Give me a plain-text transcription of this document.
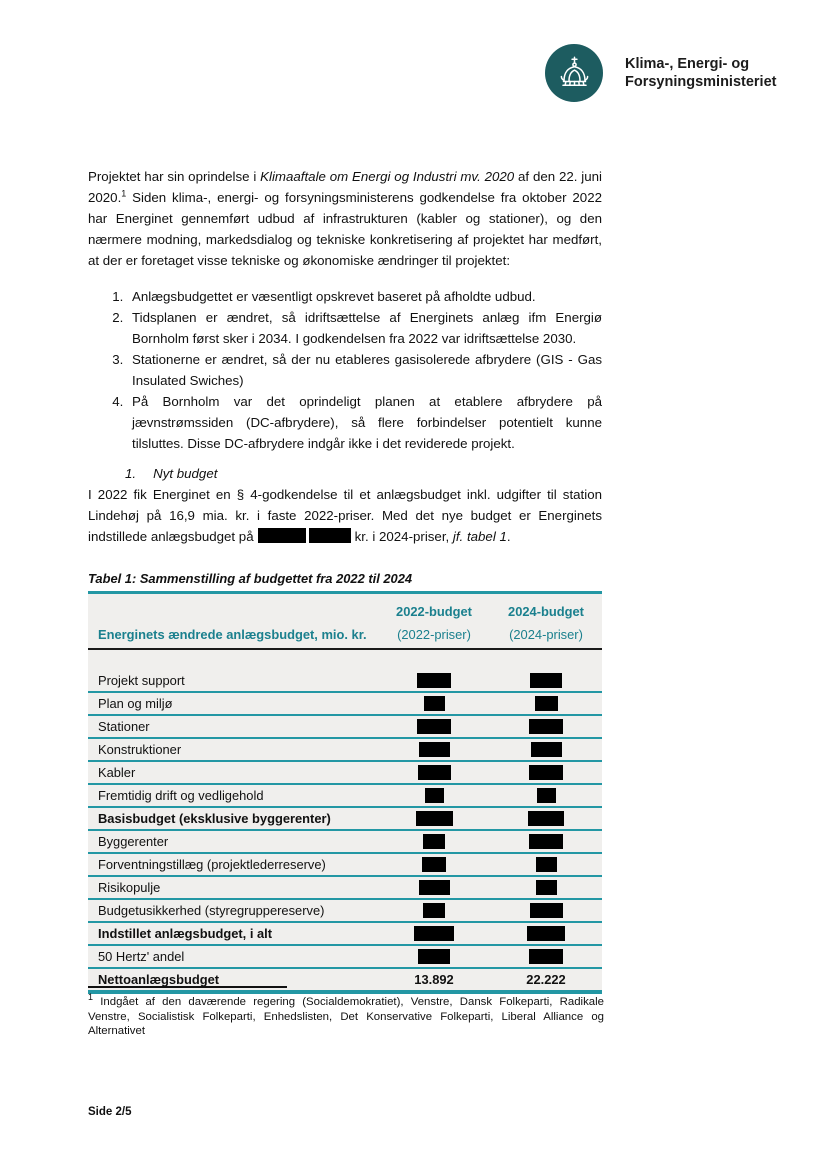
Klima-, Energi- og
Forsyningsministeriet

Projektet har sin oprindelse i Klimaaftale om Energi og Industri mv. 2020 af den 22. juni 2020.$^1$ Siden klima-, energi- og forsyningsministerens godkendelse fra oktober 2022 har Energinet gennemført udbud af infrastrukturen (kabler og stationer), og den nærmere modning, markedsdialog og tekniske konkretisering af projektet har medført, at der er foretaget visse tekniske og økonomiske ændringer til projektet:

1. Anlægsbudgettet er væsentligt opskrevet baseret på afholdte udbud.
2. Tidsplanen er ændret, så idriftsættelse af Energinets anlæg ifm Energiø Bornholm først sker i 2034. I godkendelsen fra 2022 var idriftsættelse 2030.
3. Stationerne er ændret, så der nu etableres gasisolerede afbrydere (GIS - Gas Insulated Swiches)
4. På Bornholm var det oprindeligt planen at etablere afbrydere på jævnstrømssiden (DC-afbrydere), så flere forbindelser potentielt kunne tilsluttes. Disse DC-afbrydere indgår ikke i det reviderede projekt.
1. Nyt budget

I 2022 fik Energinet en § 4-godkendelse til et anlægsbudget inkl. udgifter til station Lindehøj på 16,9 mia. kr. i faste 2022-priser. Med det nye budget er Energinets indstillede anlægsbudget på	kr. i 2024-priser, jf. tabel 1.

Tabel 1: Sammenstilling af budgettet fra 2022 til 2024
Energinets ændrede anlægsbudget, mio. kr.
2022-budget
(2022-priser)
2024-budget
(2024-priser)
Projekt support
Plan og miljø
Stationer
Konstruktioner
Kabler
Fremtidig drift og vedligehold
Basisbudget (eksklusive byggerenter)
Byggerenter
Forventningstillæg (projektlederreserve)
Risikopulje
Budgetusikkerhed (styregruppereserve)
Indstillet anlægsbudget, i alt
50 Hertz' andel
Nettoanlægsbudget	13.892	22.222

$^1$ Indgået af den daværende regering (Socialdemokratiet), Venstre, Dansk Folkeparti, Radikale Venstre, Socialistisk Folkeparti, Enhedslisten, Det Konservative Folkeparti, Liberal Alliance og Alternativet

Side 2/5
